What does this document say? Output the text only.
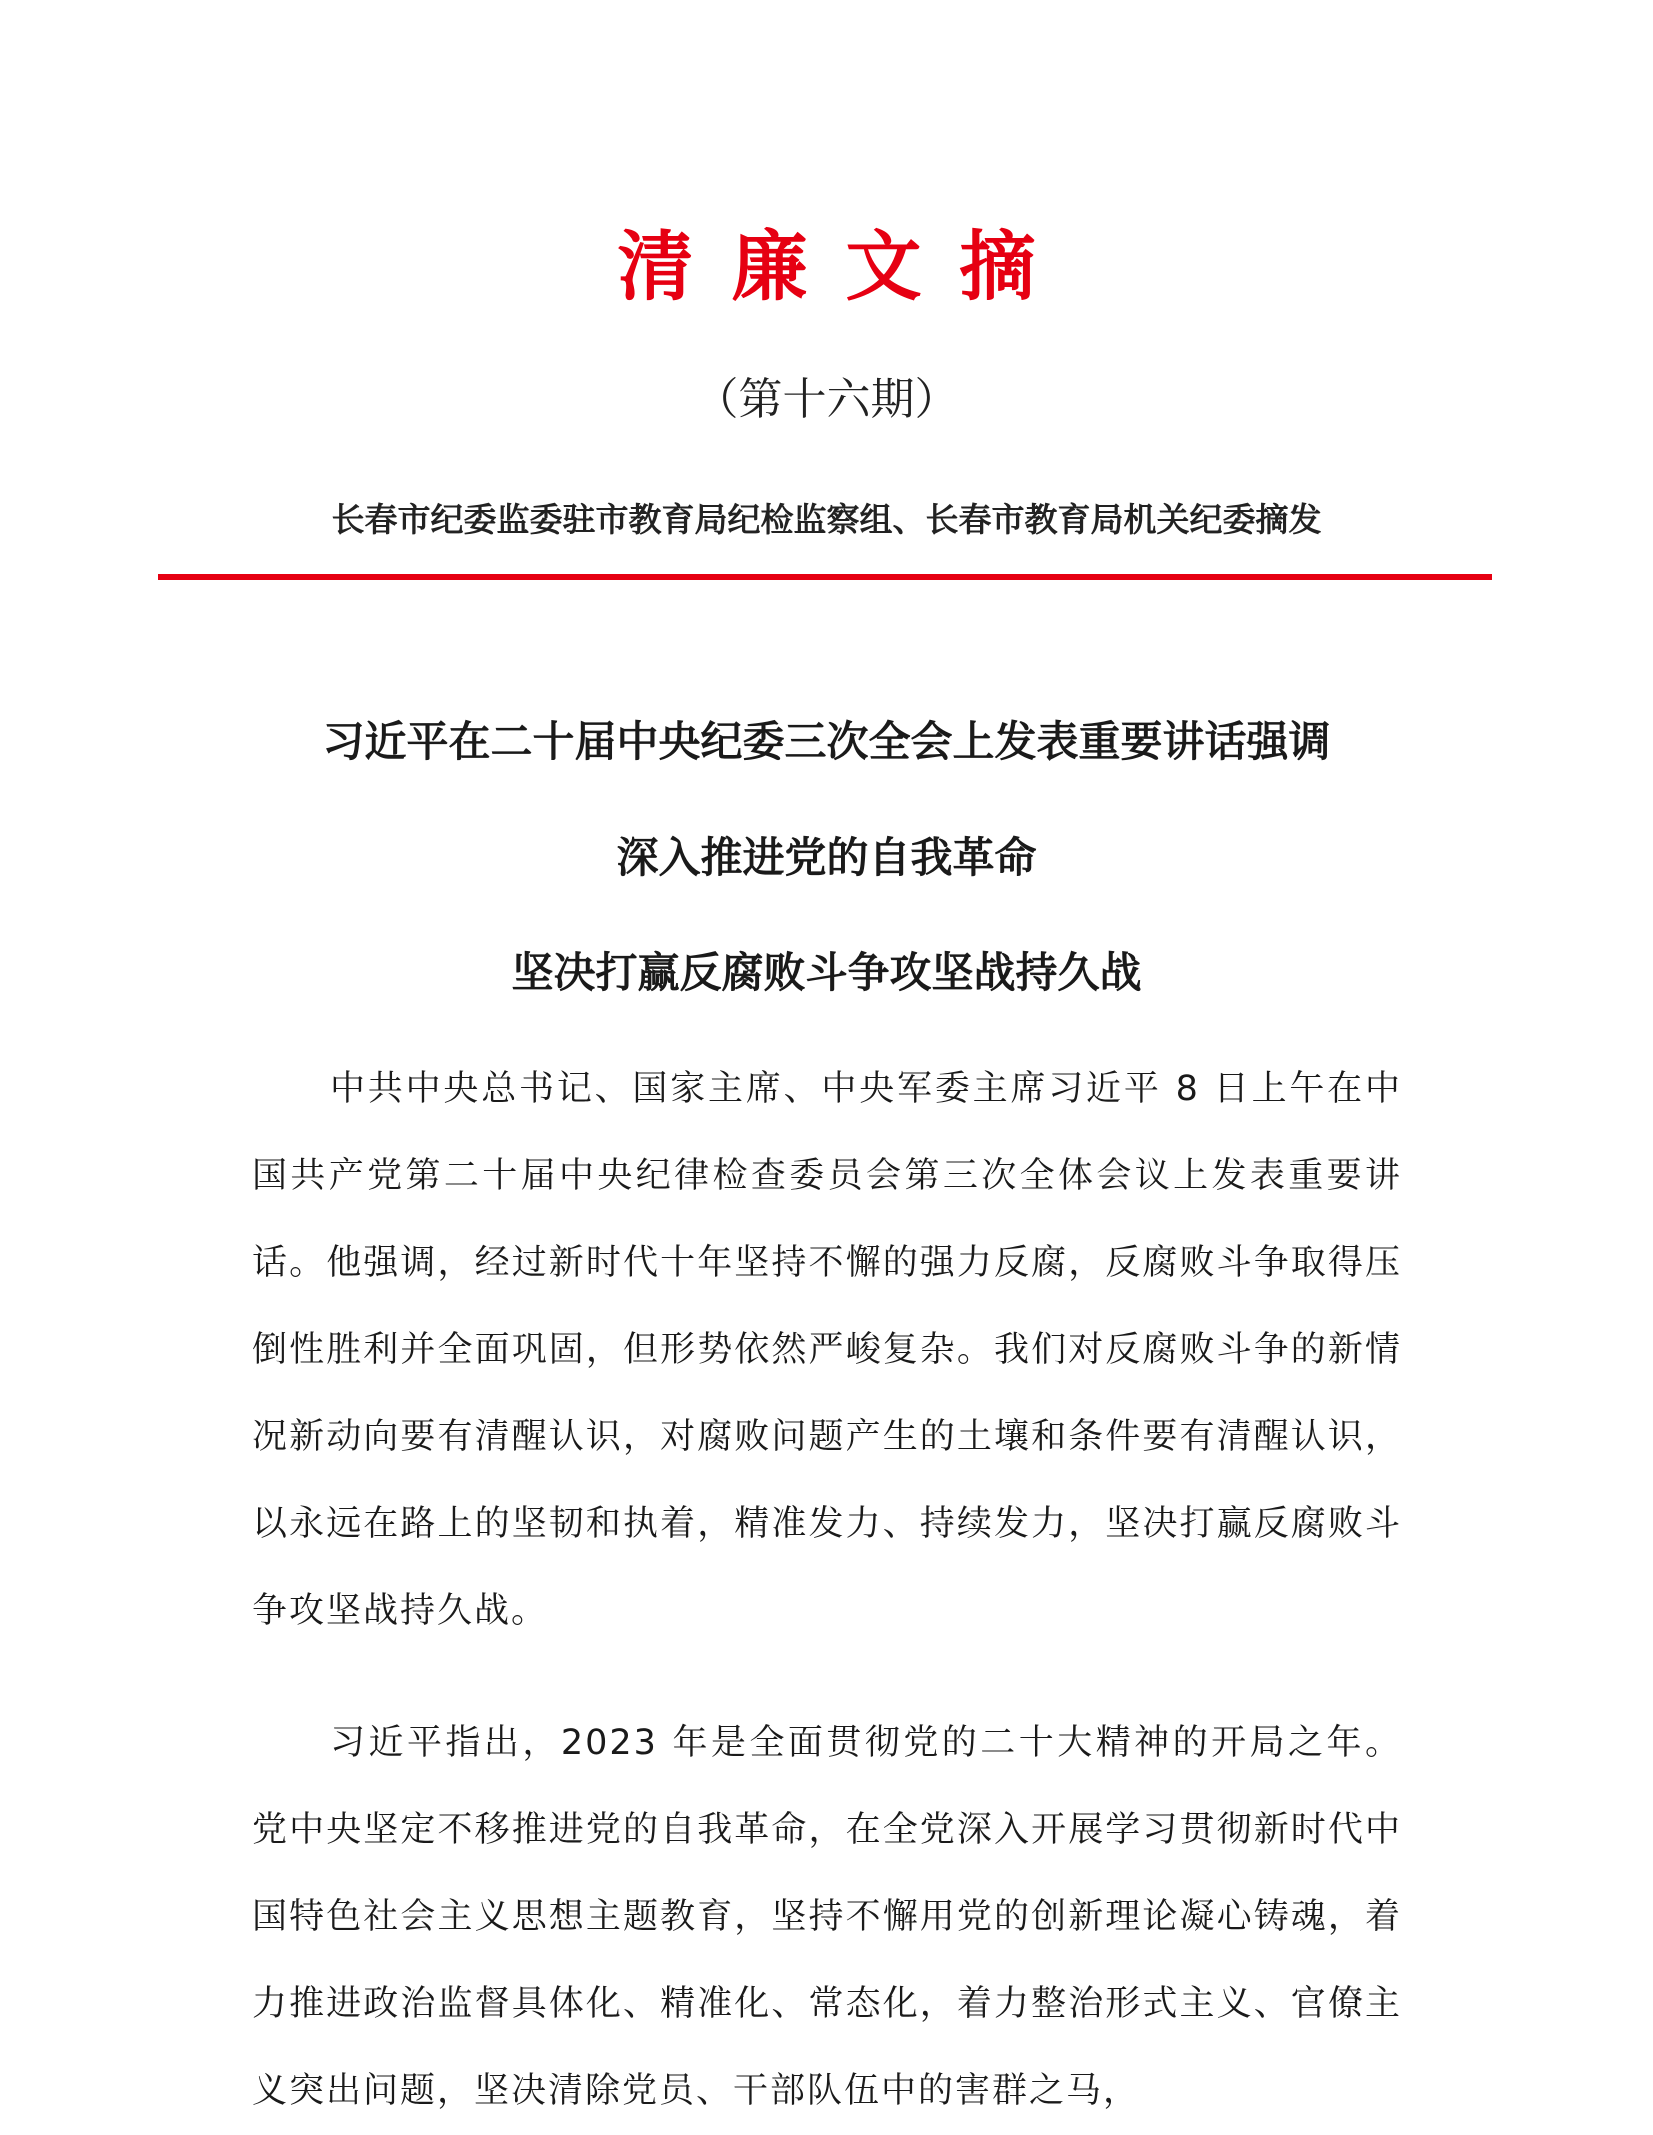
清廉文摘
（第十六期）
长春市纪委监委驻市教育局纪检监察组、长春市教育局机关纪委摘发
习近平在二十届中央纪委三次全会上发表重要讲话强调
深入推进党的自我革命
坚决打赢反腐败斗争攻坚战持久战

中共中央总书记、国家主席、中央军委主席习近平 8 日上午在中国共产党第二十届中央纪律检查委员会第三次全体会议上发表重要讲话。他强调，经过新时代十年坚持不懈的强力反腐，反腐败斗争取得压倒性胜利并全面巩固，但形势依然严峻复杂。我们对反腐败斗争的新情况新动向要有清醒认识，对腐败问题产生的土壤和条件要有清醒认识，以永远在路上的坚韧和执着，精准发力、持续发力，坚决打赢反腐败斗争攻坚战持久战。

习近平指出，2023 年是全面贯彻党的二十大精神的开局之年。党中央坚定不移推进党的自我革命，在全党深入开展学习贯彻新时代中国特色社会主义思想主题教育，坚持不懈用党的创新理论凝心铸魂，着力推进政治监督具体化、精准化、常态化，着力整治形式主义、官僚主义突出问题，坚决清除党员、干部队伍中的害群之马，
